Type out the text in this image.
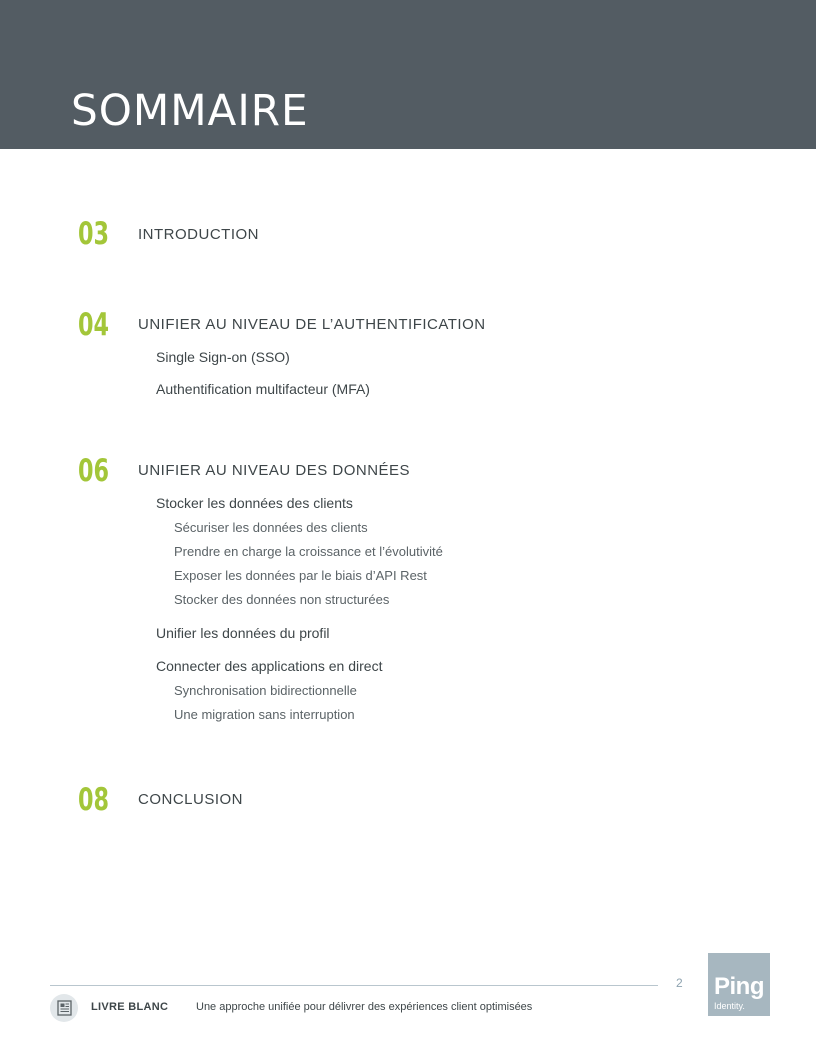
SOMMAIRE
03 INTRODUCTION
04 UNIFIER AU NIVEAU DE L’AUTHENTIFICATION
Single Sign-on (SSO)
Authentification multifacteur (MFA)
06 UNIFIER AU NIVEAU DES DONNÉES
Stocker les données des clients
Sécuriser les données des clients
Prendre en charge la croissance et l’évolutivité
Exposer les données par le biais d’API Rest
Stocker des données non structurées
Unifier les données du profil
Connecter des applications en direct
Synchronisation bidirectionnelle
Une migration sans interruption
08 CONCLUSION
2 Ping
Identity.
LIVRE BLANC	Une approche unifiée pour délivrer des expériences client optimisées
